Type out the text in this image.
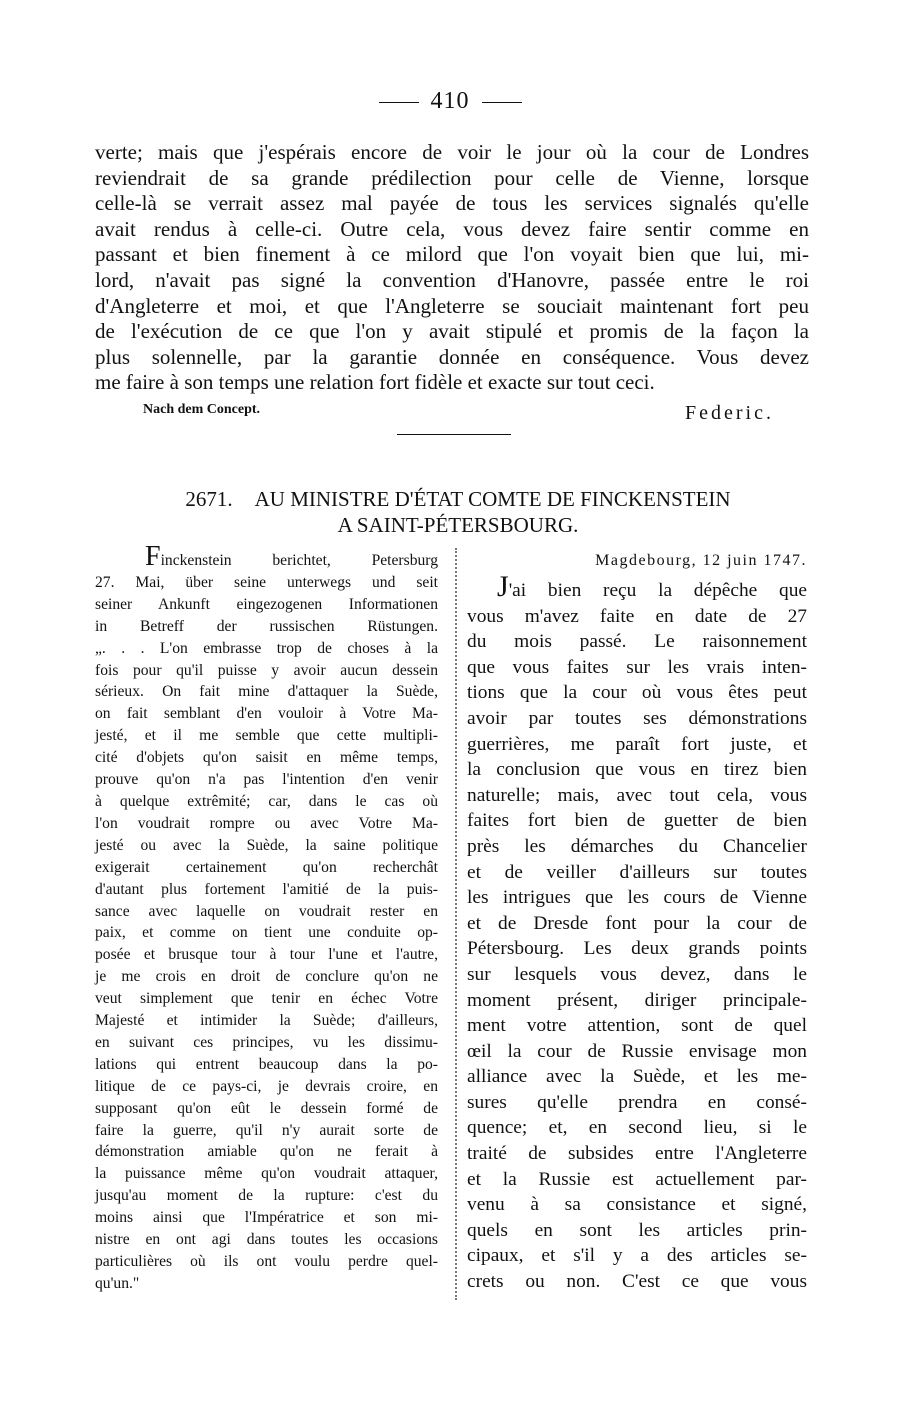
410
verte; mais que j'espérais encore de voir le jour où la cour de Londres
reviendrait de sa grande prédilection pour celle de Vienne, lorsque
celle-là se verrait assez mal payée de tous les services signalés qu'elle
avait rendus à celle-ci. Outre cela, vous devez faire sentir comme en
passant et bien finement à ce milord que l'on voyait bien que lui, mi-
lord, n'avait pas signé la convention d'Hanovre, passée entre le roi
d'Angleterre et moi, et que l'Angleterre se souciait maintenant fort peu
de l'exécution de ce que l'on y avait stipulé et promis de la façon la
plus solennelle, par la garantie donnée en conséquence. Vous devez
me faire à son temps une relation fort fidèle et exacte sur tout ceci.
Nach dem Concept.	Federic.
2671. AU MINISTRE D'ÉTAT COMTE DE FINCKENSTEIN
A SAINT-PÉTERSBOURG.
Finckenstein berichtet, Petersburg
27. Mai, über seine unterwegs und seit
seiner Ankunft eingezogenen Informationen
in Betreff der russischen Rüstungen.
„. . . L'on embrasse trop de choses à la
fois pour qu'il puisse y avoir aucun dessein
sérieux. On fait mine d'attaquer la Suède,
on fait semblant d'en vouloir à Votre Ma-
jesté, et il me semble que cette multipli-
cité d'objets qu'on saisit en même temps,
prouve qu'on n'a pas l'intention d'en venir
à quelque extrêmité; car, dans le cas où
l'on voudrait rompre ou avec Votre Ma-
jesté ou avec la Suède, la saine politique
exigerait certainement qu'on recherchât
d'autant plus fortement l'amitié de la puis-
sance avec laquelle on voudrait rester en
paix, et comme on tient une conduite op-
posée et brusque tour à tour l'une et l'autre,
je me crois en droit de conclure qu'on ne
veut simplement que tenir en échec Votre
Majesté et intimider la Suède; d'ailleurs,
en suivant ces principes, vu les dissimu-
lations qui entrent beaucoup dans la po-
litique de ce pays-ci, je devrais croire, en
supposant qu'on eût le dessein formé de
faire la guerre, qu'il n'y aurait sorte de
démonstration amiable qu'on ne ferait à
la puissance même qu'on voudrait attaquer,
jusqu'au moment de la rupture: c'est du
moins ainsi que l'Impératrice et son mi-
nistre en ont agi dans toutes les occasions
particulières où ils ont voulu perdre quel-
qu'un."
Magdebourg, 12 juin 1747.
J'ai bien reçu la dépêche que
vous m'avez faite en date de 27
du mois passé. Le raisonnement
que vous faites sur les vrais inten-
tions que la cour où vous êtes peut
avoir par toutes ses démonstrations
guerrières, me paraît fort juste, et
la conclusion que vous en tirez bien
naturelle; mais, avec tout cela, vous
faites fort bien de guetter de bien
près les démarches du Chancelier
et de veiller d'ailleurs sur toutes
les intrigues que les cours de Vienne
et de Dresde font pour la cour de
Pétersbourg. Les deux grands points
sur lesquels vous devez, dans le
moment présent, diriger principale-
ment votre attention, sont de quel
œil la cour de Russie envisage mon
alliance avec la Suède, et les me-
sures qu'elle prendra en consé-
quence; et, en second lieu, si le
traité de subsides entre l'Angleterre
et la Russie est actuellement par-
venu à sa consistance et signé,
quels en sont les articles prin-
cipaux, et s'il y a des articles se-
crets ou non. C'est ce que vous
